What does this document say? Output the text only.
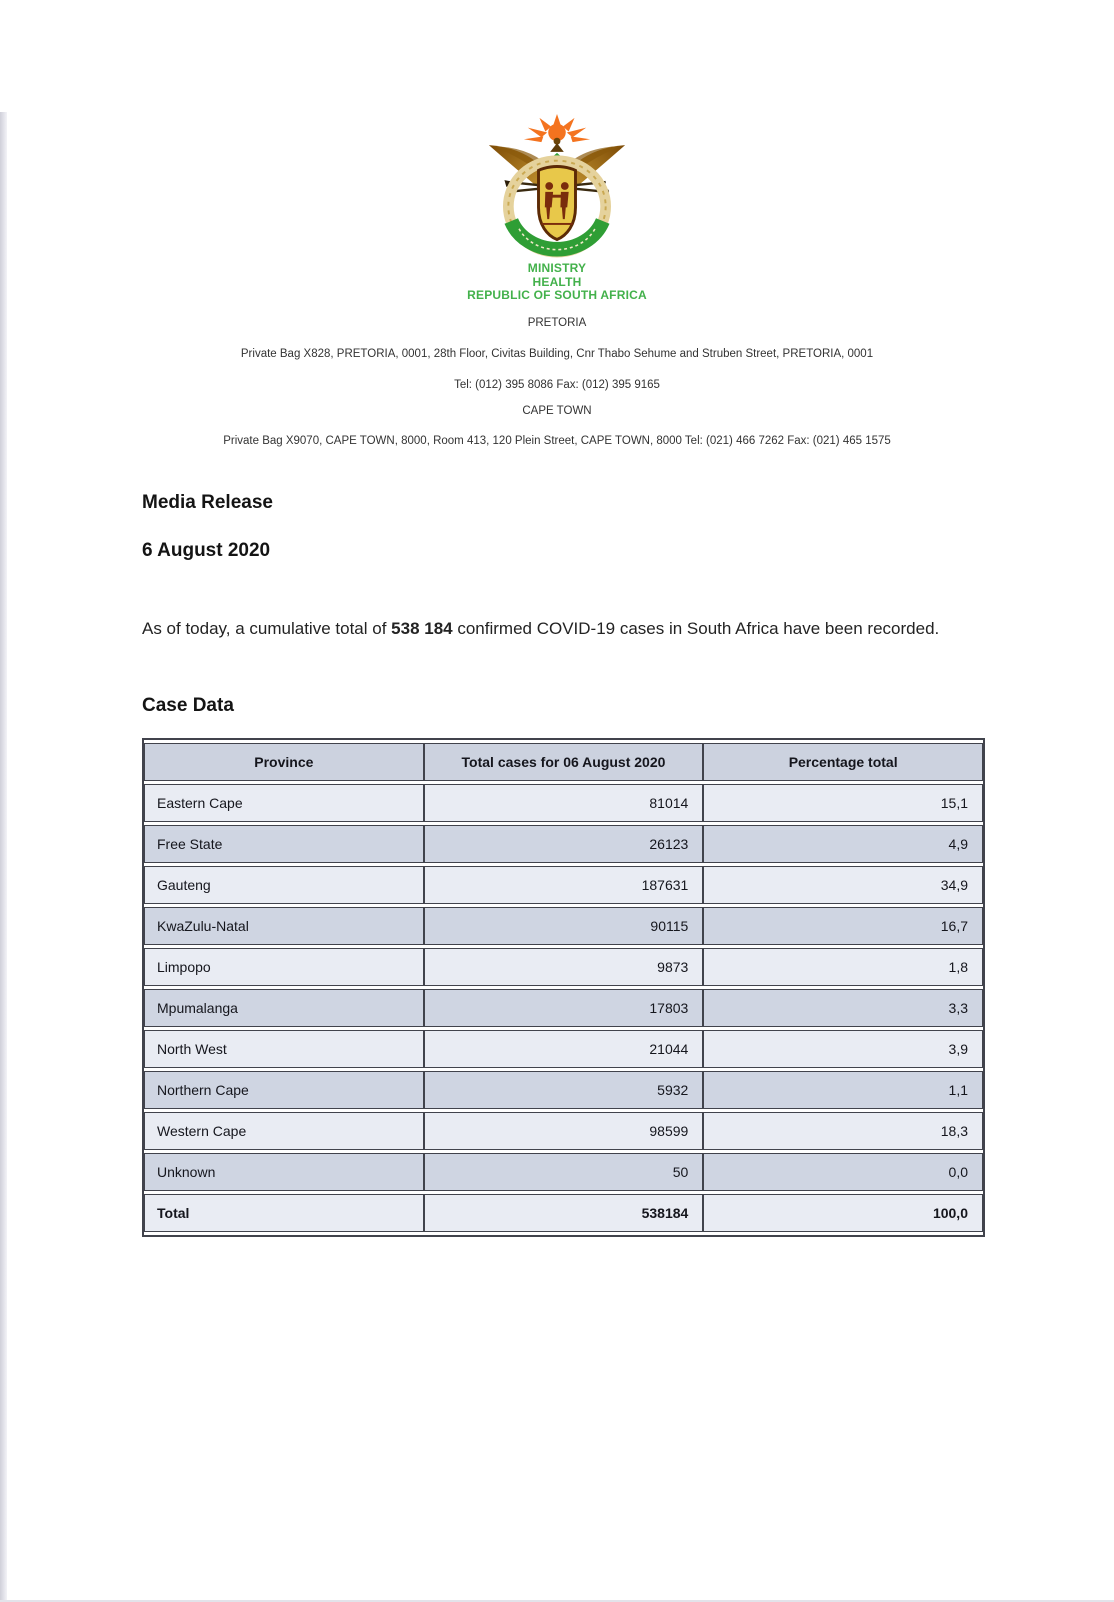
MINISTRY
HEALTH
REPUBLIC OF SOUTH AFRICA
PRETORIA
Private Bag X828, PRETORIA, 0001, 28th Floor, Civitas Building, Cnr Thabo Sehume and Struben Street, PRETORIA, 0001
Tel: (012) 395 8086 Fax: (012) 395 9165
CAPE TOWN
Private Bag X9070, CAPE TOWN, 8000, Room 413, 120 Plein Street, CAPE TOWN, 8000 Tel: (021) 466 7262 Fax: (021) 465 1575
Media Release
6 August 2020

As of today, a cumulative total of 538 184 confirmed COVID-19 cases in South Africa have been recorded.

Case Data
Province	Total cases for 06 August 2020	Percentage total
Eastern Cape	81014	15,1
Free State	26123	4,9
Gauteng	187631	34,9
KwaZulu-Natal	90115	16,7
Limpopo	9873	1,8
Mpumalanga	17803	3,3
North West	21044	3,9
Northern Cape	5932	1,1
Western Cape	98599	18,3
Unknown	50	0,0
Total	538184	100,0
